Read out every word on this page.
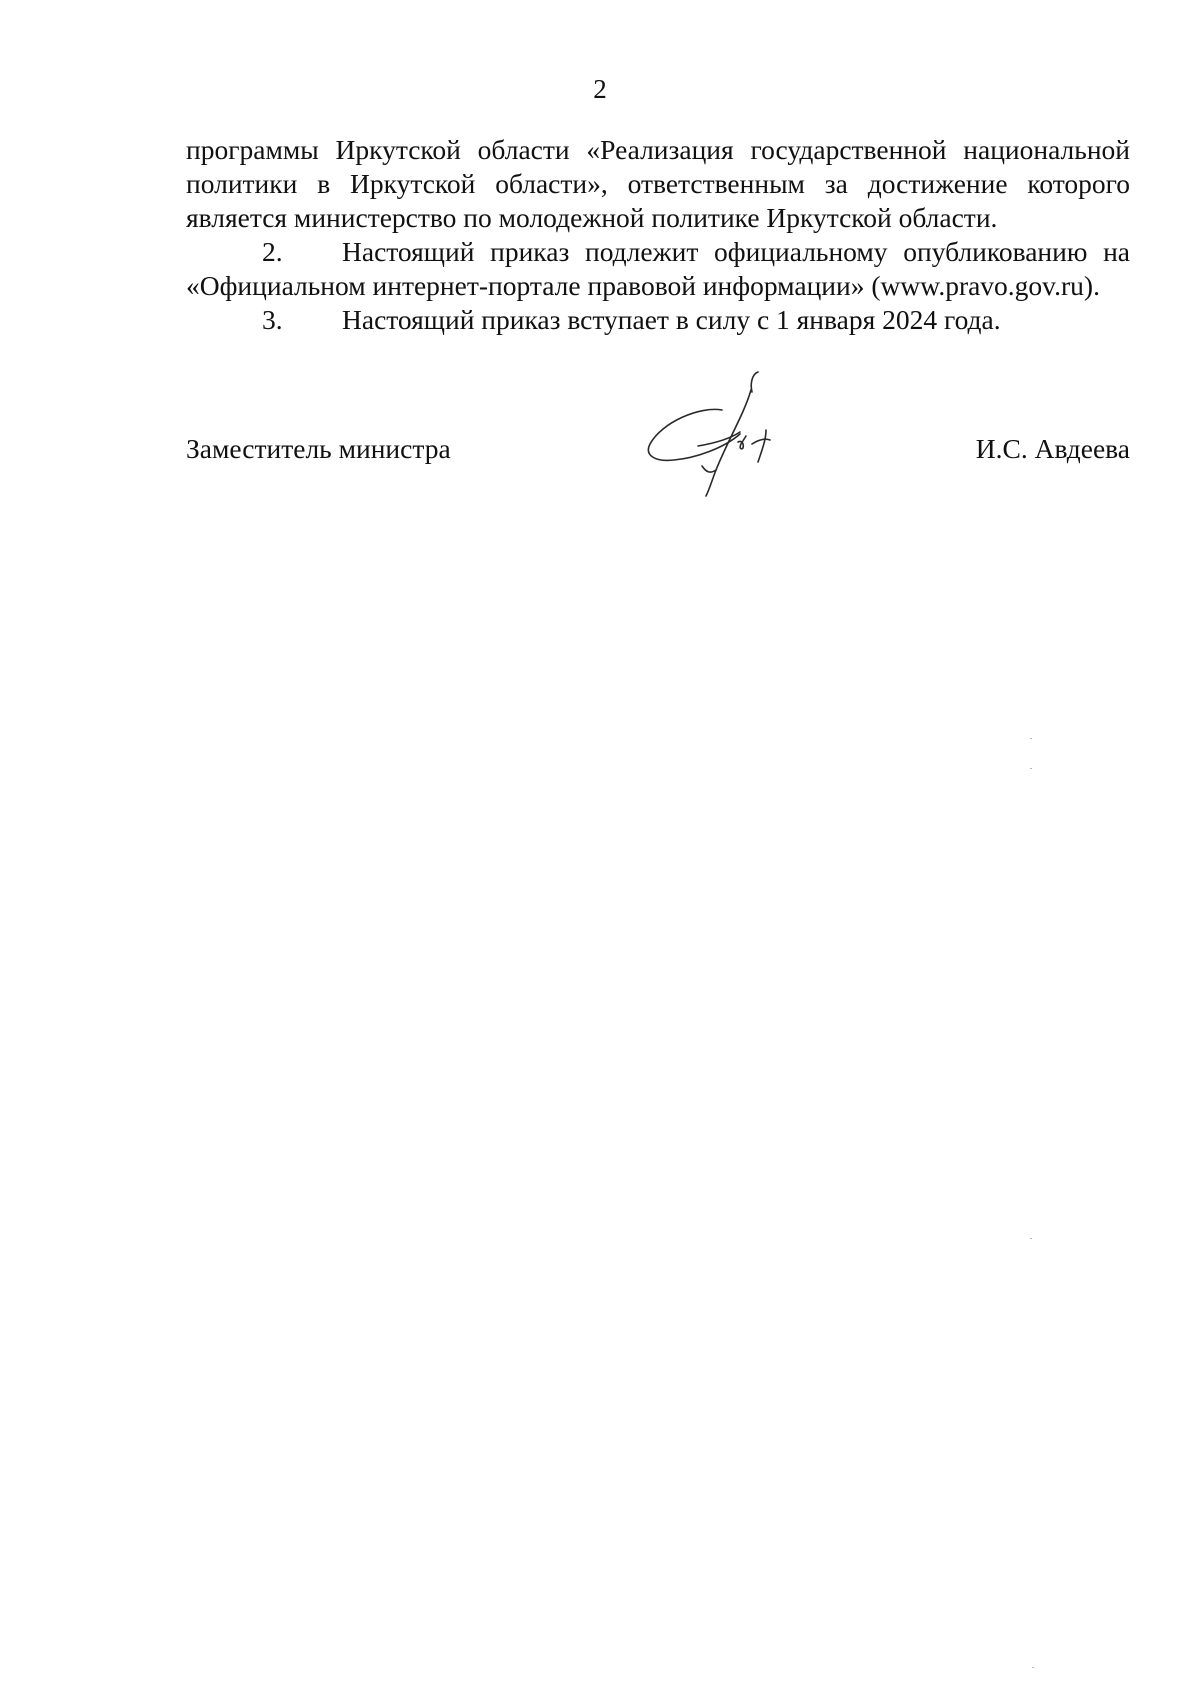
2

программы Иркутской области «Реализация государственной национальной

политики в Иркутской области», ответственным за достижение которого

является министерство по молодежной политике Иркутской области.

2. Настоящий приказ подлежит официальному опубликованию на «Официальном интернет-портале правовой информации» (www.pravo.gov.ru).

3. Настоящий приказ вступает в силу с 1 января 2024 года.

Заместитель министра	И.С. Авдеева
